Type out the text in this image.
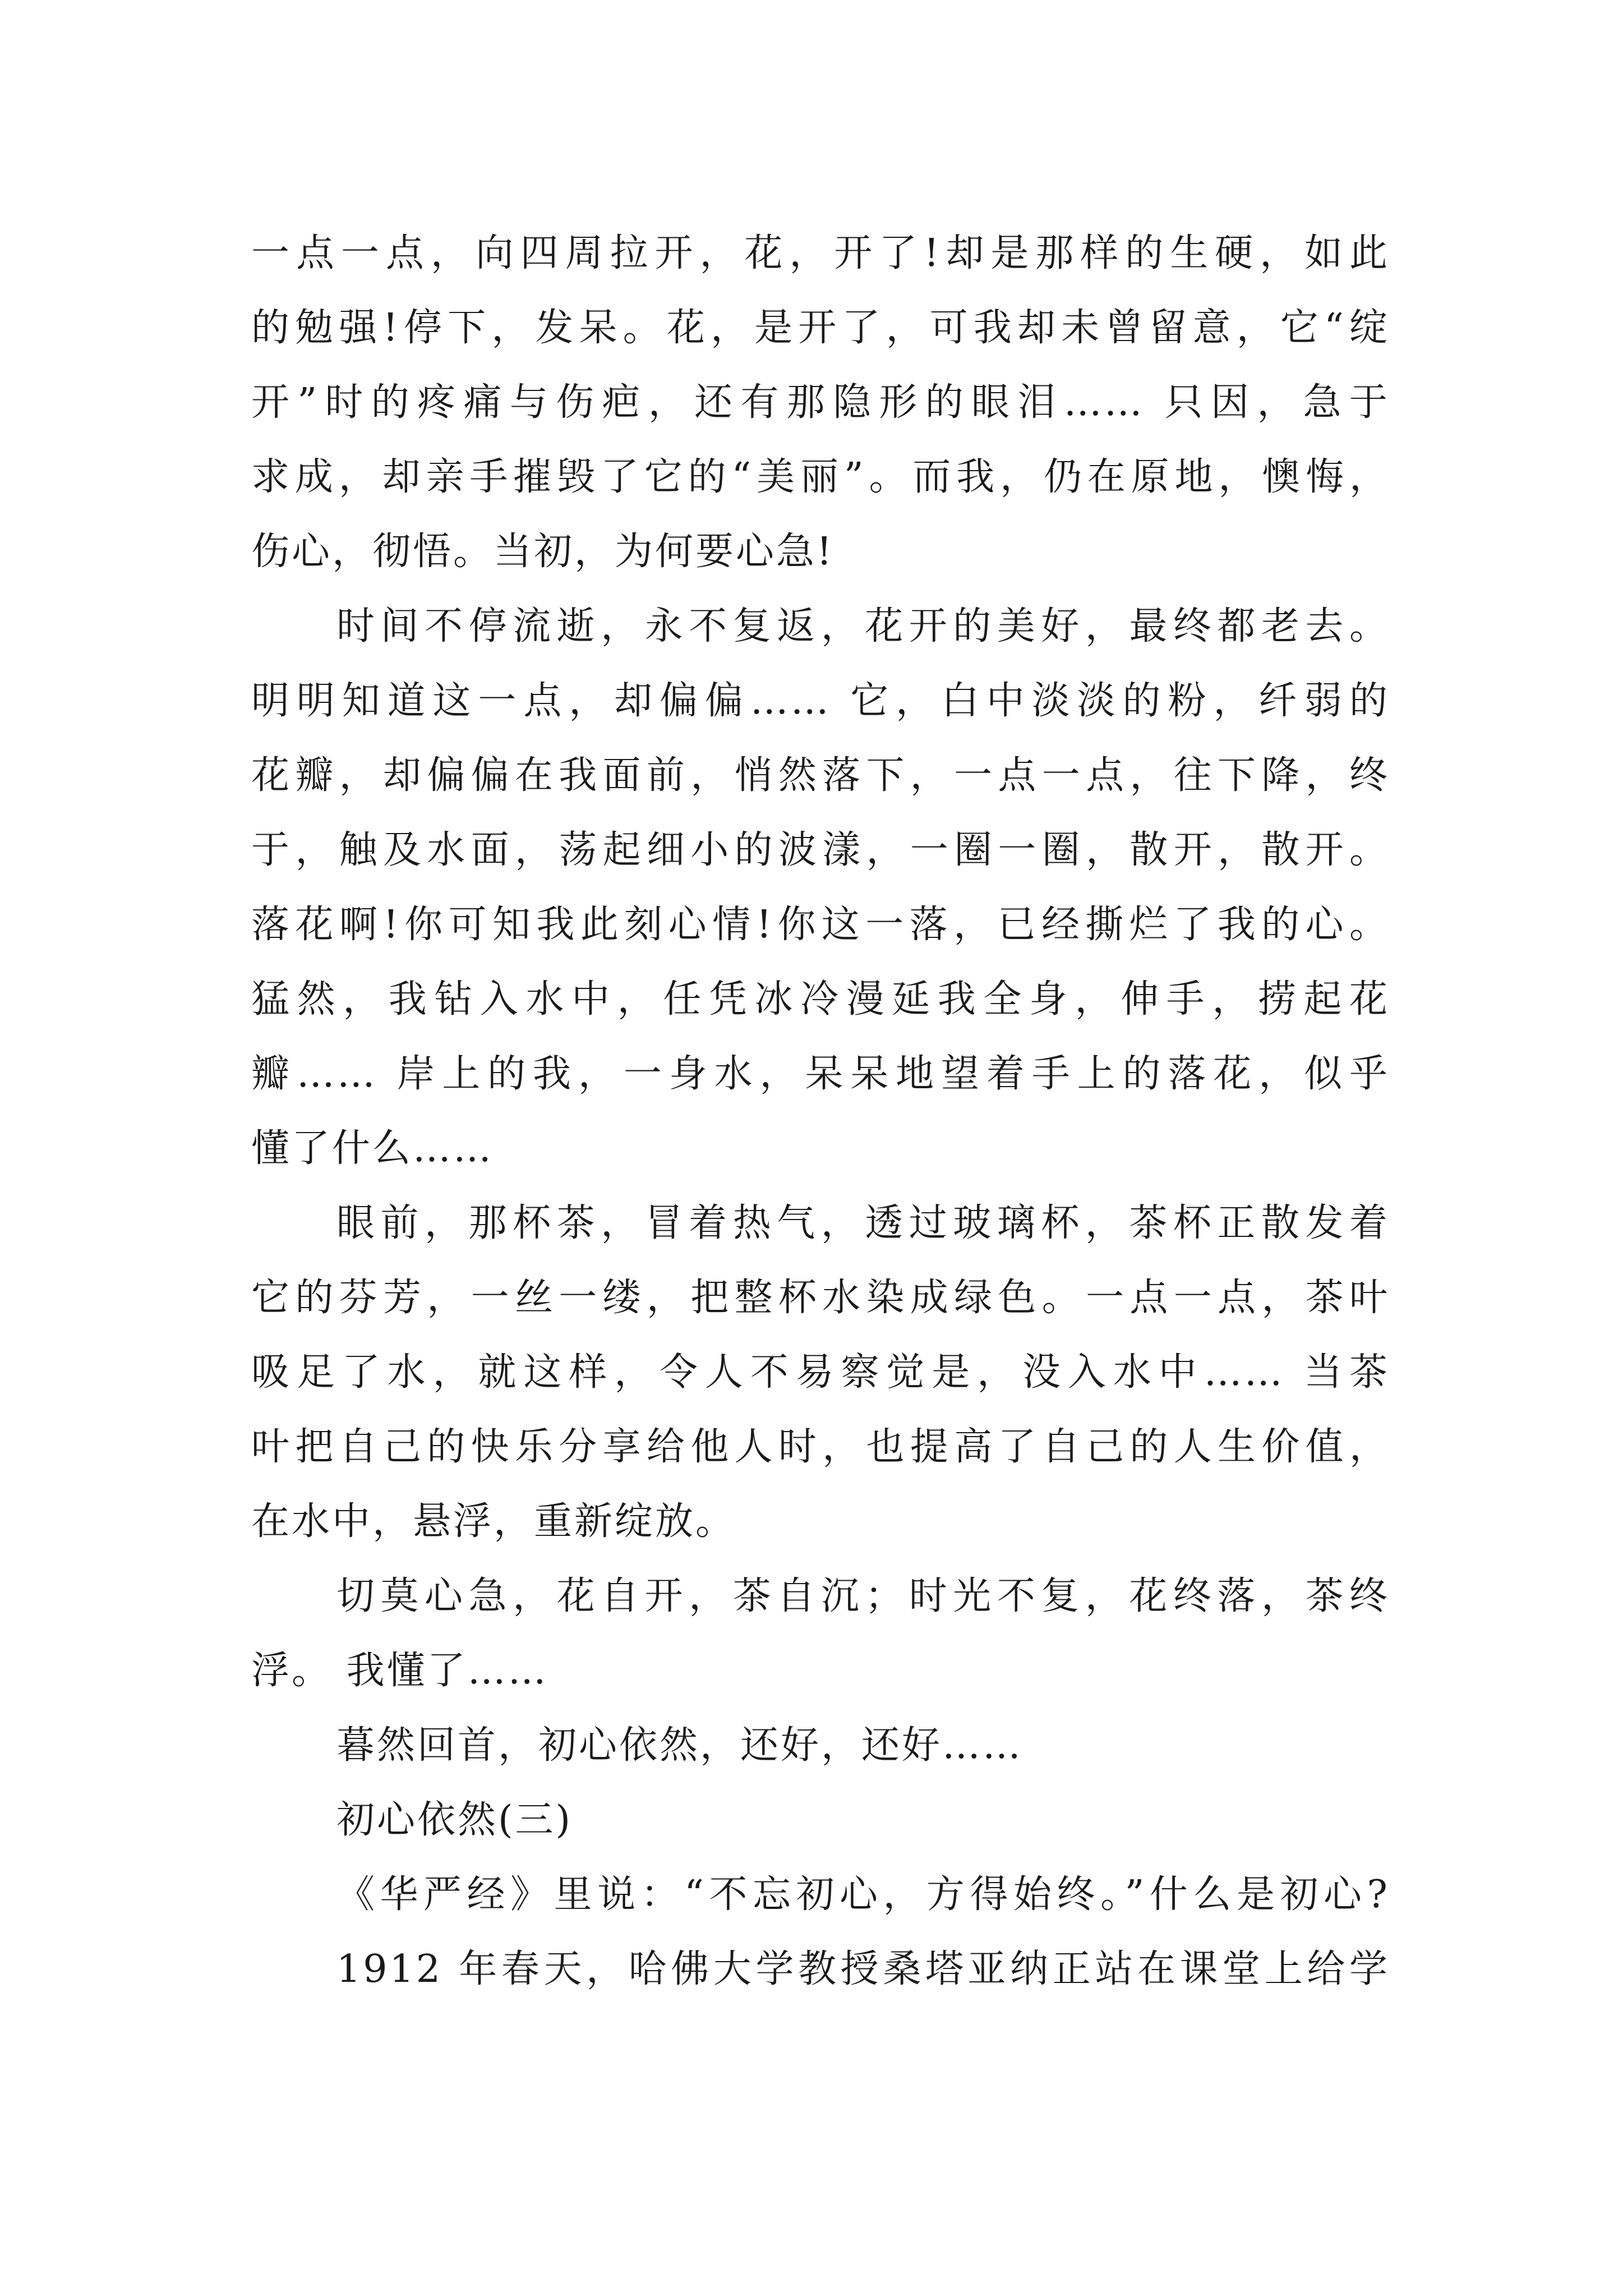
一点一点，向四周拉开，花，开了!却是那样的生硬，如此
的勉强!停下，发呆。花，是开了，可我却未曾留意，它“绽
开”时的疼痛与伤疤，还有那隐形的眼泪…… 只因，急于
求成，却亲手摧毁了它的“美丽”。而我，仍在原地，懊悔，
伤心，彻悟。当初，为何要心急!
时间不停流逝，永不复返，花开的美好，最终都老去。
明明知道这一点，却偏偏…… 它，白中淡淡的粉，纤弱的
花瓣，却偏偏在我面前，悄然落下，一点一点，往下降，终
于，触及水面，荡起细小的波漾，一圈一圈，散开，散开。
落花啊!你可知我此刻心情!你这一落，已经撕烂了我的心。
猛然，我钻入水中，任凭冰冷漫延我全身，伸手，捞起花
瓣…… 岸上的我，一身水，呆呆地望着手上的落花，似乎
懂了什么……
眼前，那杯茶，冒着热气，透过玻璃杯，茶杯正散发着
它的芬芳，一丝一缕，把整杯水染成绿色。一点一点，茶叶
吸足了水，就这样，令人不易察觉是，没入水中…… 当茶
叶把自己的快乐分享给他人时，也提高了自己的人生价值，
在水中，悬浮，重新绽放。
切莫心急，花自开，茶自沉；时光不复，花终落，茶终
浮。 我懂了……
暮然回首，初心依然，还好，还好……
初心依然(三)
《华严经》里说：“不忘初心，方得始终。”什么是初心?
1912 年春天，哈佛大学教授桑塔亚纳正站在课堂上给学
